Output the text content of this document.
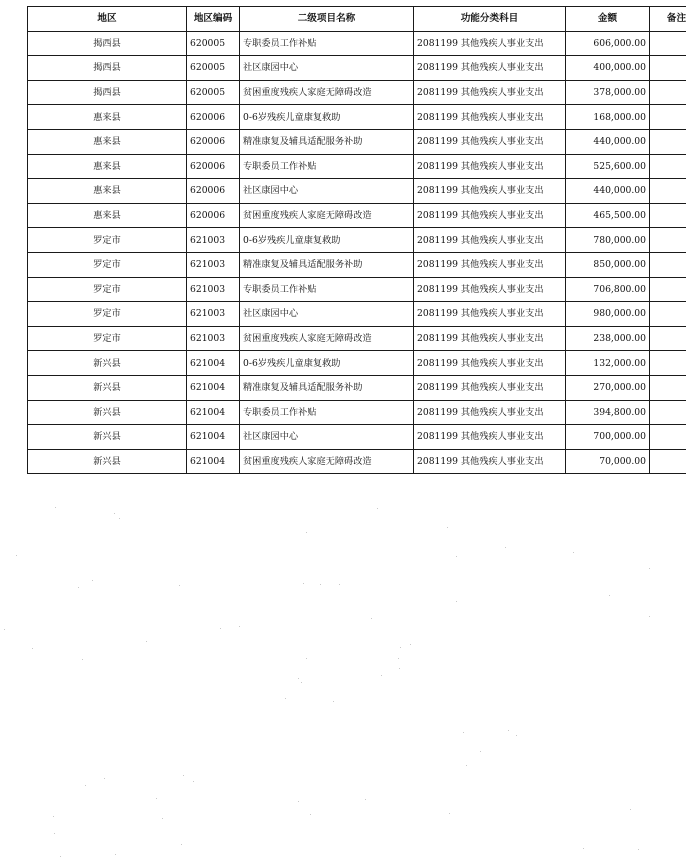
地区	地区编码	二级项目名称	功能分类科目	金额	备注
揭西县	620005	专职委员工作补贴	2081199 其他残疾人事业支出	606,000.00	
揭西县	620005	社区康园中心	2081199 其他残疾人事业支出	400,000.00	
揭西县	620005	贫困重度残疾人家庭无障碍改造	2081199 其他残疾人事业支出	378,000.00	
惠来县	620006	0-6岁残疾儿童康复救助	2081199 其他残疾人事业支出	168,000.00	
惠来县	620006	精准康复及辅具适配服务补助	2081199 其他残疾人事业支出	440,000.00	
惠来县	620006	专职委员工作补贴	2081199 其他残疾人事业支出	525,600.00	
惠来县	620006	社区康园中心	2081199 其他残疾人事业支出	440,000.00	
惠来县	620006	贫困重度残疾人家庭无障碍改造	2081199 其他残疾人事业支出	465,500.00	
罗定市	621003	0-6岁残疾儿童康复救助	2081199 其他残疾人事业支出	780,000.00	
罗定市	621003	精准康复及辅具适配服务补助	2081199 其他残疾人事业支出	850,000.00	
罗定市	621003	专职委员工作补贴	2081199 其他残疾人事业支出	706,800.00	
罗定市	621003	社区康园中心	2081199 其他残疾人事业支出	980,000.00	
罗定市	621003	贫困重度残疾人家庭无障碍改造	2081199 其他残疾人事业支出	238,000.00	
新兴县	621004	0-6岁残疾儿童康复救助	2081199 其他残疾人事业支出	132,000.00	
新兴县	621004	精准康复及辅具适配服务补助	2081199 其他残疾人事业支出	270,000.00	
新兴县	621004	专职委员工作补贴	2081199 其他残疾人事业支出	394,800.00	
新兴县	621004	社区康园中心	2081199 其他残疾人事业支出	700,000.00	
新兴县	621004	贫困重度残疾人家庭无障碍改造	2081199 其他残疾人事业支出	70,000.00	
